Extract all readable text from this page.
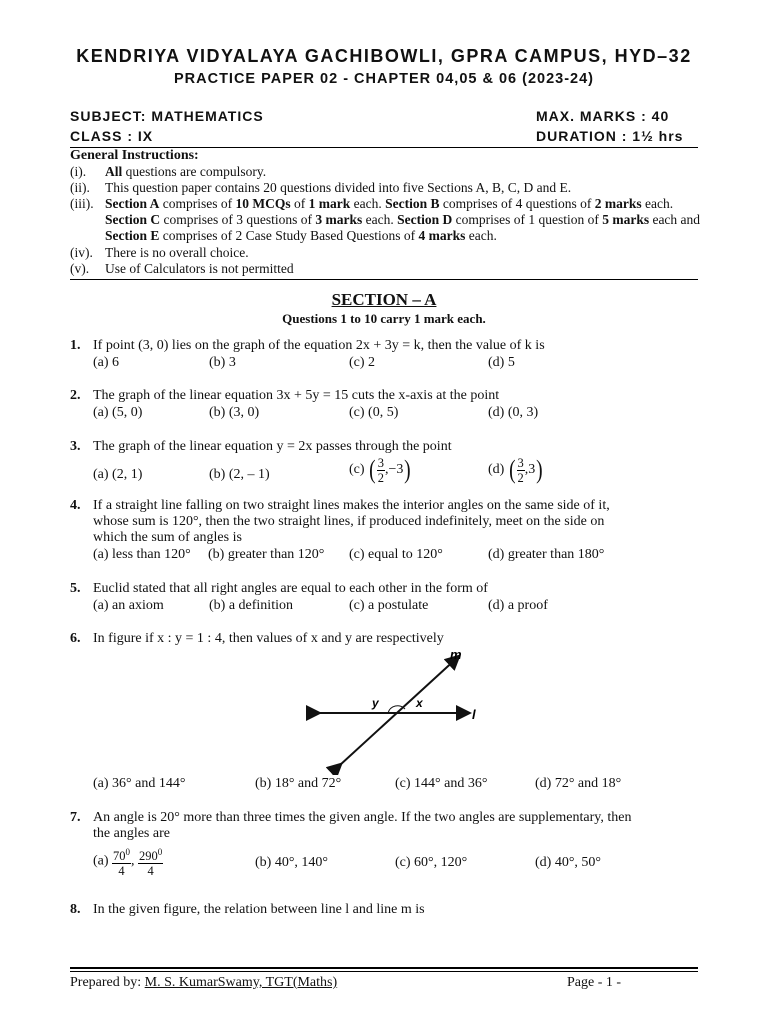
KENDRIYA VIDYALAYA GACHIBOWLI, GPRA CAMPUS, HYD–32
PRACTICE PAPER 02 - CHAPTER 04,05 & 06 (2023-24)
SUBJECT: MATHEMATICS	MAX. MARKS : 40
CLASS : IX	DURATION : 1½ hrs
General Instructions:
(i).	All questions are compulsory.
(ii).	This question paper contains 20 questions divided into five Sections A, B, C, D and E.
(iii). Section A comprises of 10 MCQs of 1 mark each. Section B comprises of 4 questions of 2 marks each. Section C comprises of 3 questions of 3 marks each. Section D comprises of 1 question of 5 marks each and Section E comprises of 2 Case Study Based Questions of 4 marks each.
(iv). There is no overall choice.
(v).	Use of Calculators is not permitted
SECTION – A
Questions 1 to 10 carry 1 mark each.
1. If point (3, 0) lies on the graph of the equation 2x + 3y = k, then the value of k is
(a) 6	(b) 3	(c) 2	(d) 5
2. The graph of the linear equation 3x + 5y = 15 cuts the x-axis at the point
(a) (5, 0)	(b) (3, 0)	(c) (0, 5)	(d) (0, 3)
3. The graph of the linear equation y = 2x passes through the point
(a) (2, 1)	(b) (2, – 1)	(c) ( $\frac{3}{2} ,-3$)	(d) ( $\frac{3}{2} ,3$)
4. If a straight line falling on two straight lines makes the interior angles on the same side of it,
whose sum is 120°, then the two straight lines, if produced indefinitely, meet on the side on
which the sum of angles is
(a) less than 120° (b) greater than 120° (c) equal to 120°	(d) greater than 180°
5. Euclid stated that all right angles are equal to each other in the form of
(a) an axiom	(b) a definition	(c) a postulate	(d) a proof
6. In figure if x : y = 1 : 4, then values of x and y are respectively
m
l
y	x
(a) 36° and 144°	(b) 18° and 72°	(c) 144° and 36°	(d) 72° and 18°
7. An angle is 20° more than three times the given angle. If the two angles are supplementary, then
the angles are
$(a) \frac{70^0}{4}$ , $\frac{290^0}{4}$	(b) 40°, 140°	(c) 60°, 120°	(d) 40°, 50°
8. In the given figure, the relation between line l and line m is
Prepared by: M. S. KumarSwamy, TGT(Maths)	Page - 1 -
